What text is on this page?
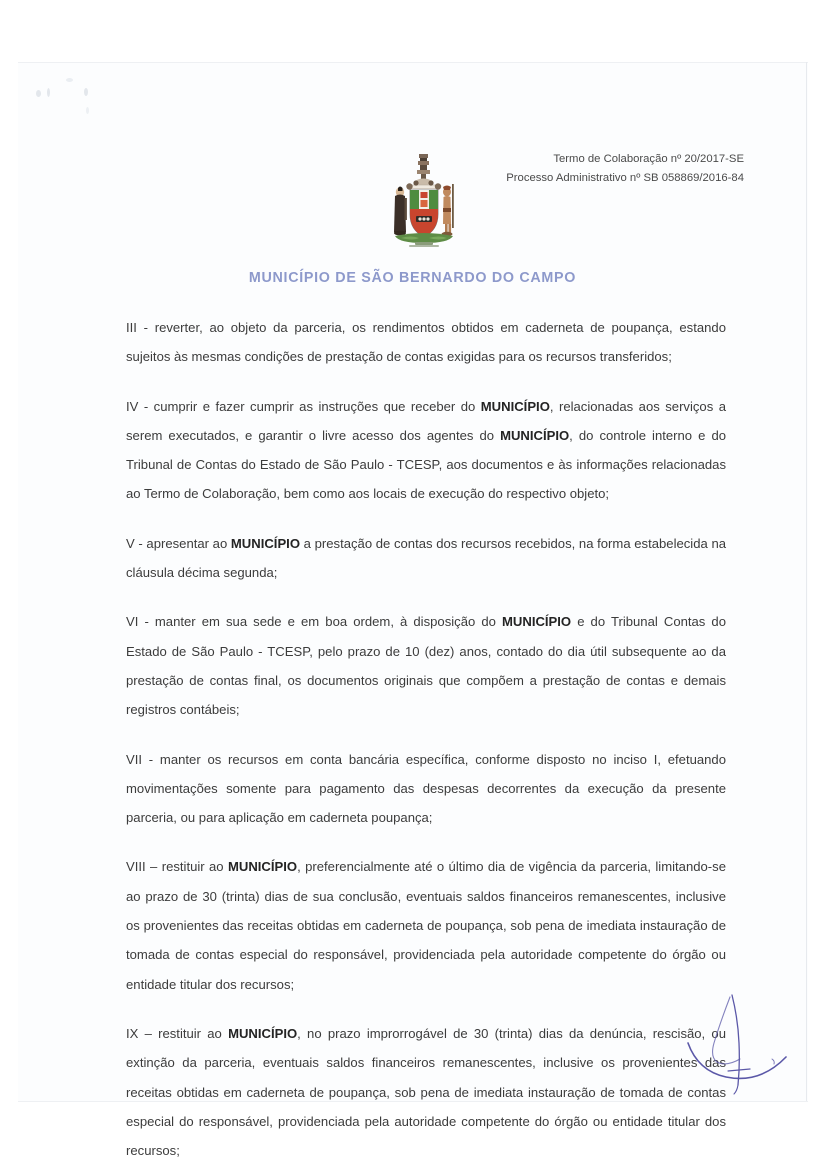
Termo de Colaboração nº 20/2017-SE
Processo Administrativo nº SB 058869/2016-84
MUNICÍPIO DE SÃO BERNARDO DO CAMPO

III - reverter, ao objeto da parceria, os rendimentos obtidos em caderneta de poupança, estando sujeitos às mesmas condições de prestação de contas exigidas para os recursos transferidos;

IV - cumprir e fazer cumprir as instruções que receber do MUNICÍPIO, relacionadas aos serviços a serem executados, e garantir o livre acesso dos agentes do MUNICÍPIO, do controle interno e do Tribunal de Contas do Estado de São Paulo - TCESP, aos documentos e às informações relacionadas ao Termo de Colaboração, bem como aos locais de execução do respectivo objeto;

V - apresentar ao MUNICÍPIO a prestação de contas dos recursos recebidos, na forma estabelecida na cláusula décima segunda;

VI - manter em sua sede e em boa ordem, à disposição do MUNICÍPIO e do Tribunal Contas do Estado de São Paulo - TCESP, pelo prazo de 10 (dez) anos, contado do dia útil subsequente ao da prestação de contas final, os documentos originais que compõem a prestação de contas e demais registros contábeis;

VII - manter os recursos em conta bancária específica, conforme disposto no inciso I, efetuando movimentações somente para pagamento das despesas decorrentes da execução da presente parceria, ou para aplicação em caderneta poupança;

VIII – restituir ao MUNICÍPIO, preferencialmente até o último dia de vigência da parceria, limitando-se ao prazo de 30 (trinta) dias de sua conclusão, eventuais saldos financeiros remanescentes, inclusive os provenientes das receitas obtidas em caderneta de poupança, sob pena de imediata instauração de tomada de contas especial do responsável, providenciada pela autoridade competente do órgão ou entidade titular dos recursos;

IX – restituir ao MUNICÍPIO, no prazo improrrogável de 30 (trinta) dias da denúncia, rescisão, ou extinção da parceria, eventuais saldos financeiros remanescentes, inclusive os provenientes das receitas obtidas em caderneta de poupança, sob pena de imediata instauração de tomada de contas especial do responsável, providenciada pela autoridade competente do órgão ou entidade titular dos recursos;
